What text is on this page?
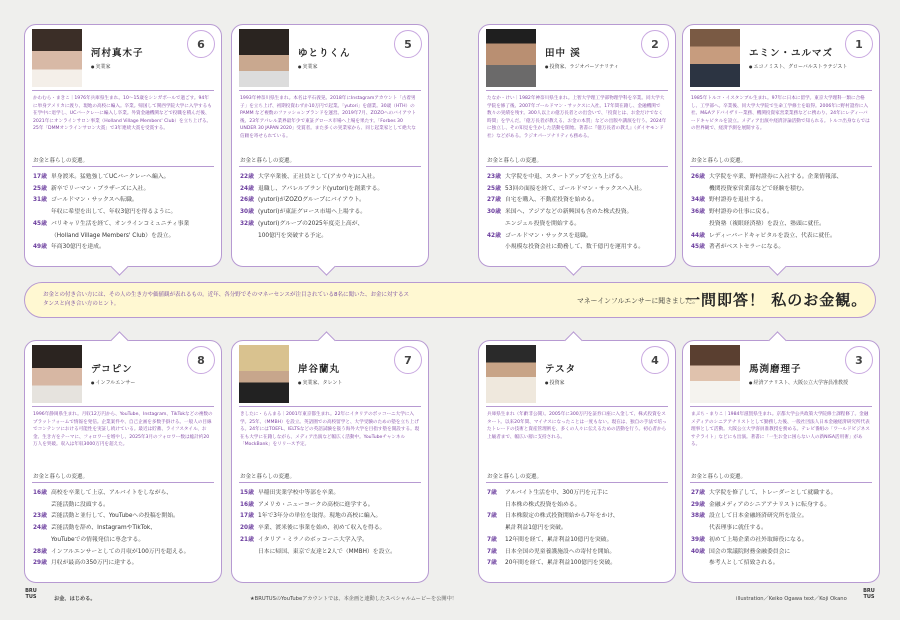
河村真木子
● 実業家
6
かわむら・まきこ｜1976年兵庫県生まれ。10〜15歳をシンガポールで過ごす。94年に単身アメリカに渡り、現地の高校に編入。卒業。帰国して関西学院大学に入学するも在学中に退学し、UCバークレーに編入し卒業。外資金融機関などで役職を積んだ後、2021年にオンラインサロン事業（Holland Village Members' Club）を立ち上げる。25年「DMMオンラインサロン大賞」で3年連続大賞を受賞する。
お金と暮らしの変遷。
17歳 単身渡米。猛勉強してUCバークレーへ編入。
25歳 新卒でリーマン・ブラザーズに入社。
31歳 ゴールドマン・サックスへ転職。
年収に希望を出して、年収3億円を得るように。
45歳 バリキャリ生活を経て、オンラインコミュニティ事業
（Holland Village Members' Club）を設立。
49歳 年商30億円を達成。
ゆとりくん
● 実業家
5
1993年神奈川県生まれ。本名は平石義晃。2018年にInstagramアカウント「古着男子」を立ち上げ、初期投資わずか10万円で起業。「yutori」を創業。30歳（HTH）のPAMM など複数のファッションブランドを運営。2019年7月、ZOZOへのバイアウト後、23年アパレル業界最年少で東証グロース市場へ上場を果たす。「Forbes 30 UNDER 30 JAPAN 2020」受賞者。また多くの実業家から、同じ起業家として絶大な信頼を寄せられている。
お金と暮らしの変遷。
22歳 大学卒業後、正社員として(アカウキ)に入社。
24歳 退職し、アパレルブランド(yutori)を創業する。
26歳 (yutori)がZOZOグループにバイアウト。
30歳 (yutori)が東証グロース市場へ上場する。
32歳 (yutori)グループの2025年度売上高が、
100億円を突破する予定。
田中 渓
● 投資家、ラジオパーソナリティ
2
たなか・けい｜1982年神奈川県生まれ。上智大学理工学部物理学科を卒業。同大学大学院を修了後、2007年ゴールドマン・サックスに入社。17年間在籍し、金融機関で数々の実績を残す。300人以上の億万長者との出会いで、「投資とは、お金だけでなく時間」を学んだ。「億万長者が教える、お金の本質」などの出版や講演を行う。2024年に独立し、その知見を生かした活動を開始。著書に『億万長者の教え』（ダイヤモンド社）などがある。ラジオパーソナリティも務める。
お金と暮らしの変遷。
23歳 大学院を中退、スタートアップを立ち上げる。
25歳 53回の面接を経て、ゴールドマン・サックスへ入社。
27歳 自宅を購入、不動産投資を始める。
30歳 米国へ、アジアなどの新興国も含めた株式投資。
エンジェル投資を開始する。
42歳 ゴールドマン・サックスを退職。
小規模な投資会社に勤務して、数千億円を運用する。
エミン・ユルマズ
● エコノミスト、グローバルストラテジスト
1
1985年トルコ・イスタンブル生まれ。97年に日本に留学。東京大学理科一類に合格し、工学部へ。卒業後、同大学大学院で生命工学修士を取得。2006年に野村證券に入社、M&Aアドバイザリー業務、機関投資家営業業務などに携わり、24年にレディーバードキャピタルを設立。メディア出演や経済評論活動で知られる。トルコ出身ならではの世界観で、経済予測を展開する。
お金と暮らしの変遷。
26歳 大学院を卒業、野村證券に入社する。企業情報部、
機関投資家営業部などで経験を積む。
34歳 野村證券を退社する。
36歳 野村證券の仕事に戻る。
投資塾（複眼経済塾）を設立、塾頭に就任。
44歳 レディーバードキャピタルを設立、代表に就任。
45歳 著者がベストセラーになる。
お金との付き合い方には、その人の生き方や価値観が表れるもの。近年、各分野でそのマネーセンスが注目されている8名に聞いた、お金に対するスタンスと向き合い方のヒント。	マネーインフルエンサーに聞きました。
一問即答！ 私のお金観。
デコピン
● インフルエンサー
8
1996年静岡県生まれ。月収12万円から、YouTube、Instagram、TikTokなどの複数のプラットフォームで情報を発信。企業案件や、自己企画を多数手掛ける。一般人の目線でコンテンツにおける可能性を実証し続けている。最近は貯蓄、ライフスタイル、お金、生き方をテーマに、フォロワーを増やし、2025年3月のフォロワー数は総計約20万人を突破。収入は年収3000万円を超えた。
お金と暮らしの変遷。
16歳 高校を卒業して上京、アルバイトをしながら、
芸能活動に没頭する。
23歳 芸能活動と並行して、YouTubeへの投稿を開始。
24歳 芸能活動を辞め、InstagramやTikTok、
YouTubeでの情報発信に専念する。
28歳 インフルエンサーとしての月収が100万円を超える。
29歳 月収が最高の350万円に達する。
岸谷蘭丸
● 実業家、タレント
7
きしたに・らんまる｜2001年東京都生まれ。22年にイタリアのボッコーニ大学に入学。25年、（MMBH）を設立。英語圏での高校留学と、大学受験のための塾を立ち上げる。24年にはTOEFL、IELTSなどの英語試験を扱う海外大学を目指す塾を開設する。現在も大学に在籍しながら、メディア出演など幅広く活動中。YouTubeチャンネル「MockBank」をリリース予定。
お金と暮らしの変遷。
15歳 早稲田実業学校中等部を卒業。
16歳 アメリカ・ニューヨークの高校に進学する。
17歳 1年で3年分の単位を取得。現地の高校に編入。
20歳 卒業、渡米後に事業を始め、初めて収入を得る。
21歳 イタリア・ミラノのボッコーニ大学入学。
日本に帰国、東京で友達と2人で（MMBH）を設立。
テスタ
● 投資家
4
兵庫県生まれ（年齢非公開）。2005年に300万円を証券口座に入金して、株式投資をスタート。以来20年間、マイナスになったことは一度もない。現在は、独自の手法で培ったトレードの技術と資産管理術を、多くの人々に伝えるための活動を行う。初心者から上級者まで、幅広い層に支持される。
お金と暮らしの変遷。
7歳 アルバイト生活を中、300万円を元手に
日本株の株式投資を始める。
7歳 日本株限定の株式投資開始から7年をかけ、
累計利益1億円を突破。
7歳 12年間を経て、累計利益10億円を突破。
7歳 日本全国の児童養護施設への寄付を開始。
7歳 20年間を経て、累計利益100億円を突破。
馬渕磨理子
● 経済アナリスト、大阪公立大学客員准教授
3
まぶち・まりこ｜1984年滋賀県生まれ。京都大学公共政策大学院修士課程修了。金融メディアのシニアアナリストとして勤務した後、一般社団法人日本金融経済研究所代表理事として活動。大阪公立大学客員准教授を務める。テレビ番組の「ワールドビジネスサテライト」などにも出演。著書に「一生お金に困らない人の新NISA活用術」がある。
お金と暮らしの変遷。
27歳 大学院を修了して、トレーダーとして就職する。
29歳 金融メディアのシニアアナリストに転身する。
38歳 設立して日本金融経済研究所を設立。
代表理事に就任する。
39歳 初めて上場企業の社外取締役になる。
40歳 国会の衆議院財務金融委員会に
参考人として招致される。
BRUTUS	お金、はじめる。	★BRUTUSのYouTubeアカウントでは、本企画と連動したスペシャルムービーを公開中！	illustration／Keiko Ogawa text／Koji Okano
BRUTUS
